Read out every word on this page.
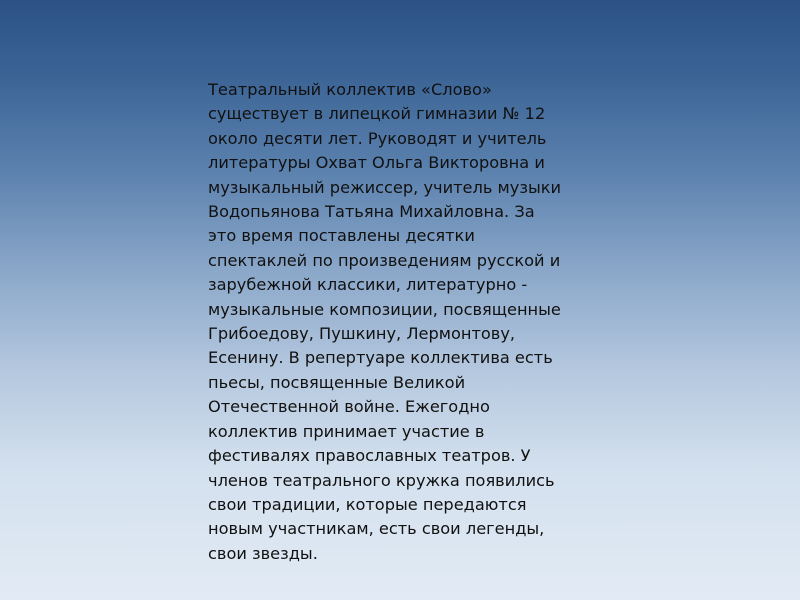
Театральный коллектив «Слово»
существует в липецкой гимназии № 12
около десяти лет. Руководят и учитель
литературы Охват Ольга Викторовна и
музыкальный режиссер, учитель музыки
Водопьянова Татьяна Михайловна. За
это время поставлены десятки
спектаклей по произведениям русской и
зарубежной классики, литературно -
музыкальные композиции, посвященные
Грибоедову, Пушкину, Лермонтову,
Есенину. В репертуаре коллектива есть
пьесы, посвященные Великой
Отечественной войне. Ежегодно
коллектив принимает участие в
фестивалях православных театров. У
членов театрального кружка появились
свои традиции, которые передаются
новым участникам, есть свои легенды,
свои звезды.
